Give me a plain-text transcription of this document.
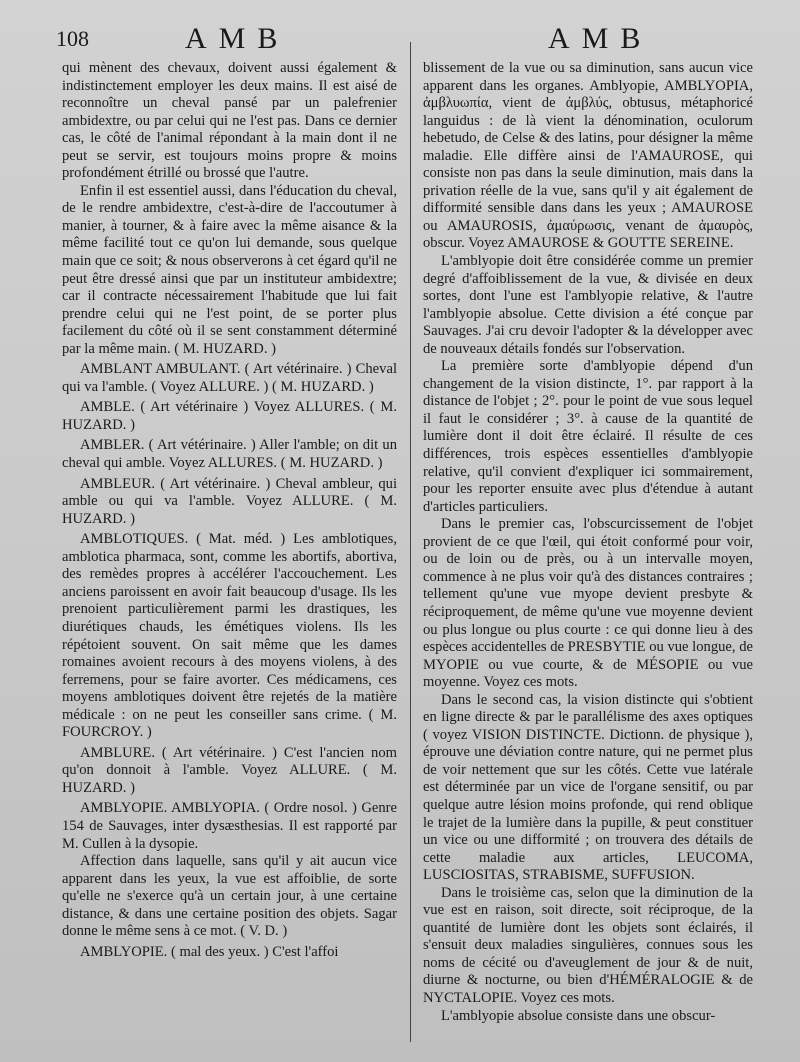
108	AMB	AMB

qui mènent des chevaux, doivent aussi également & indistinctement employer les deux mains. Il est aisé de reconnoître un cheval pansé par un palefrenier ambidextre, ou par celui qui ne l'est pas. Dans ce dernier cas, le côté de l'animal répondant à la main dont il ne peut se servir, est toujours moins propre & moins profondément étrillé ou brossé que l'autre.

Enfin il est essentiel aussi, dans l'éducation du cheval, de le rendre ambidextre, c'est-à-dire de l'accoutumer à manier, à tourner, & à faire avec la même aisance & la même facilité tout ce qu'on lui demande, sous quelque main que ce soit; & nous observerons à cet égard qu'il ne peut être dressé ainsi que par un instituteur ambidextre; car il contracte nécessairement l'habitude que lui fait prendre celui qui ne l'est point, de se porter plus facilement du côté où il se sent constamment déterminé par la même main. ( M. HUZARD. )

AMBLANT AMBULANT. ( Art vétérinaire. ) Cheval qui va l'amble. ( Voyez ALLURE. ) ( M. HUZARD. )

AMBLE. ( Art vétérinaire ) Voyez ALLURES. ( M. HUZARD. )

AMBLER. ( Art vétérinaire. ) Aller l'amble; on dit un cheval qui amble. Voyez ALLURES. ( M. HUZARD. )

AMBLEUR. ( Art vétérinaire. ) Cheval ambleur, qui amble ou qui va l'amble. Voyez ALLURE. ( M. HUZARD. )

AMBLOTIQUES. ( Mat. méd. ) Les amblotiques, amblotica pharmaca, sont, comme les abortifs, abortiva, des remèdes propres à accélérer l'accouchement. Les anciens paroissent en avoir fait beaucoup d'usage. Ils les prenoient particulièrement parmi les drastiques, les diurétiques chauds, les émétiques violens. Ils les répétoient souvent. On sait même que les dames romaines avoient recours à des moyens violens, à des ferremens, pour se faire avorter. Ces médicamens, ces moyens amblotiques doivent être rejetés de la matière médicale : on ne peut les conseiller sans crime. ( M. FOURCROY. )

AMBLURE. ( Art vétérinaire. ) C'est l'ancien nom qu'on donnoit à l'amble. Voyez ALLURE. ( M. HUZARD. )

AMBLYOPIE. AMBLYOPIA. ( Ordre nosol. ) Genre 154 de Sauvages, inter dysæsthesias. Il est rapporté par M. Cullen à la dysopie.

Affection dans laquelle, sans qu'il y ait aucun vice apparent dans les yeux, la vue est affoiblie, de sorte qu'elle ne s'exerce qu'à un certain jour, à une certaine distance, & dans une certaine position des objets. Sagar donne le même sens à ce mot. ( V. D. )

AMBLYOPIE. ( mal des yeux. ) C'est l'affoi

blissement de la vue ou sa diminution, sans aucun vice apparent dans les organes. Amblyopie, AMBLYOPIA, ἀμβλυωπία, vient de ἀμβλύς, obtusus, métaphoricé languidus : de là vient la dénomination, oculorum hebetudo, de Celse & des latins, pour désigner la même maladie. Elle diffère ainsi de l'AMAUROSE, qui consiste non pas dans la seule diminution, mais dans la privation réelle de la vue, sans qu'il y ait également de difformité sensible dans dans les yeux ; AMAUROSE ou AMAUROSIS, ἀμαύρωσις, venant de ἀμαυρὸς, obscur. Voyez AMAUROSE & GOUTTE SEREINE.

L'amblyopie doit être considérée comme un premier degré d'affoiblissement de la vue, & divisée en deux sortes, dont l'une est l'amblyopie relative, & l'autre l'amblyopie absolue. Cette division a été conçue par Sauvages. J'ai cru devoir l'adopter & la développer avec de nouveaux détails fondés sur l'observation.

La première sorte d'amblyopie dépend d'un changement de la vision distincte, 1°. par rapport à la distance de l'objet ; 2°. pour le point de vue sous lequel il faut le considérer ; 3°. à cause de la quantité de lumière dont il doit être éclairé. Il résulte de ces différences, trois espèces essentielles d'amblyopie relative, qu'il convient d'expliquer ici sommairement, pour les reporter ensuite avec plus d'étendue à autant d'articles particuliers.

Dans le premier cas, l'obscurcissement de l'objet provient de ce que l'œil, qui étoit conformé pour voir, ou de loin ou de près, ou à un intervalle moyen, commence à ne plus voir qu'à des distances contraires ; tellement qu'une vue myope devient presbyte & réciproquement, de même qu'une vue moyenne devient ou plus longue ou plus courte : ce qui donne lieu à des espèces accidentelles de PRESBYTIE ou vue longue, de MYOPIE ou vue courte, & de MÉSOPIE ou vue moyenne. Voyez ces mots.

Dans le second cas, la vision distincte qui s'obtient en ligne directe & par le parallélisme des axes optiques ( voyez VISION DISTINCTE. Dictionn. de physique ), éprouve une déviation contre nature, qui ne permet plus de voir nettement que sur les côtés. Cette vue latérale est déterminée par un vice de l'organe sensitif, ou par quelque autre lésion moins profonde, qui rend oblique le trajet de la lumière dans la pupille, & peut constituer un vice ou une difformité ; on trouvera des détails de cette maladie aux articles, LEUCOMA, LUSCIOSITAS, STRABISME, SUFFUSION.

Dans le troisième cas, selon que la diminution de la vue est en raison, soit directe, soit réciproque, de la quantité de lumière dont les objets sont éclairés, il s'ensuit deux maladies singulières, connues sous les noms de cécité ou d'aveuglement de jour & de nuit, diurne & nocturne, ou bien d'HÉMÉRALOGIE & de NYCTALOPIE. Voyez ces mots.

L'amblyopie absolue consiste dans une obscur-
